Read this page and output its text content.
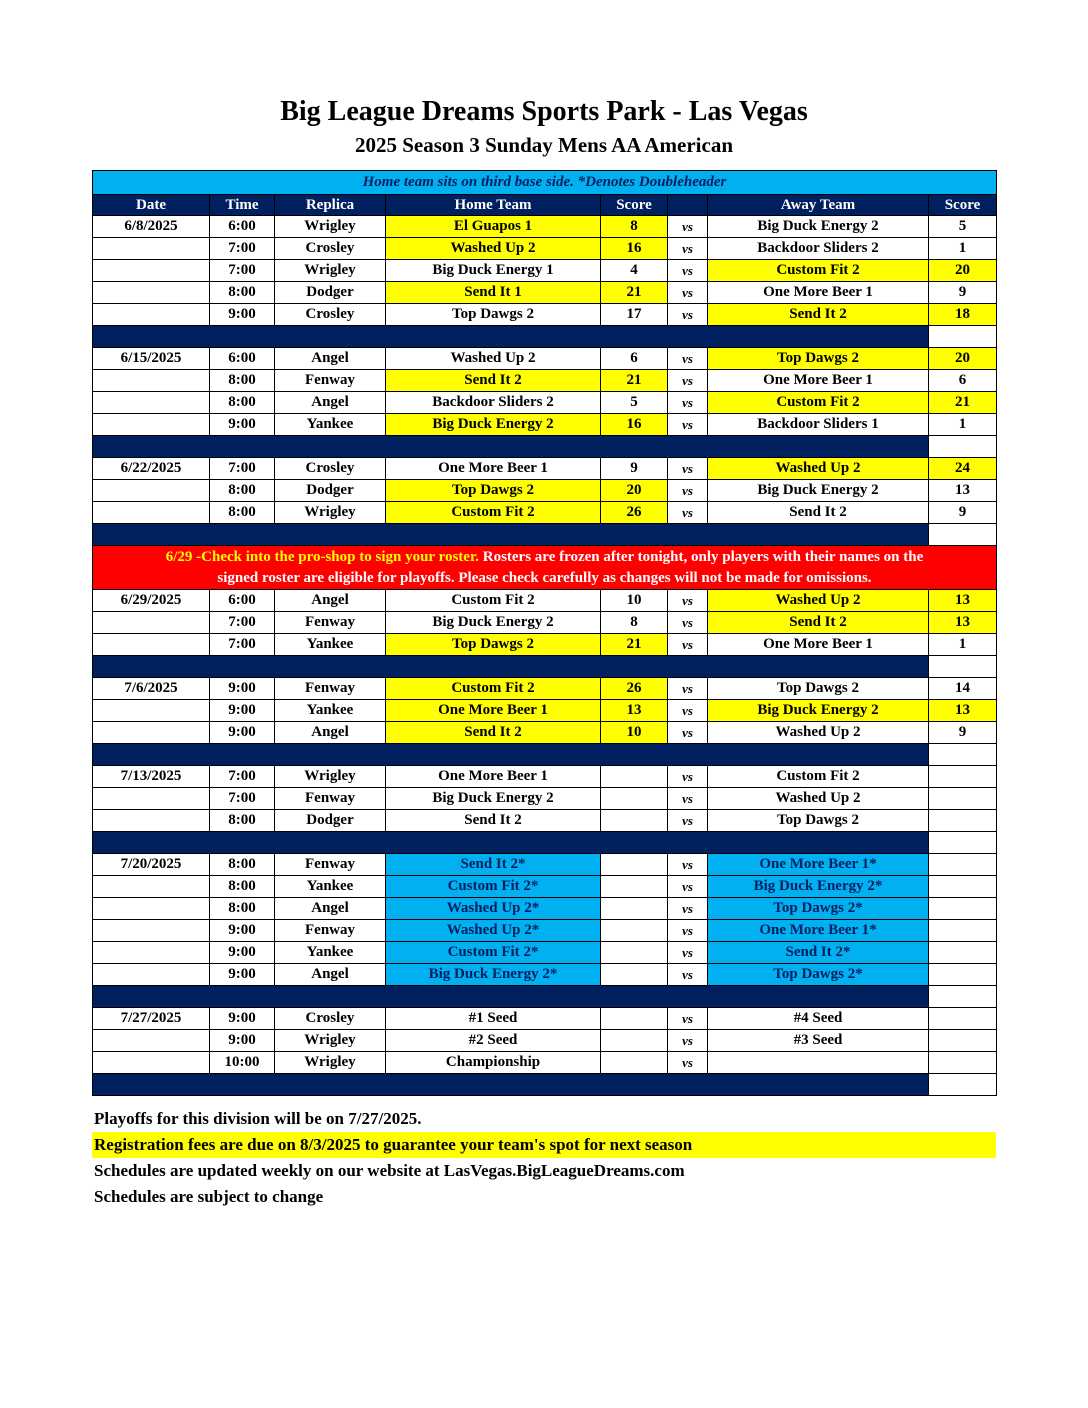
Big League Dreams Sports Park - Las Vegas
2025 Season 3 Sunday Mens AA American
Home team sits on third base side. *Denotes Doubleheader							
Date	Time	Replica	Home Team	Score		Away Team	Score
6/8/2025	6:00	Wrigley	El Guapos 1	8	vs	Big Duck Energy 2	5
	7:00	Crosley	Washed Up 2	16	vs	Backdoor Sliders 2	1
	7:00	Wrigley	Big Duck Energy 1	4	vs	Custom Fit 2	20
	8:00	Dodger	Send It 1	21	vs	One More Beer 1	9
	9:00	Crosley	Top Dawgs 2	17	vs	Send It 2	18

6/15/2025	6:00	Angel	Washed Up 2	6	vs	Top Dawgs 2	20
	8:00	Fenway	Send It 2	21	vs	One More Beer 1	6
	8:00	Angel	Backdoor Sliders 2	5	vs	Custom Fit 2	21
	9:00	Yankee	Big Duck Energy 2	16	vs	Backdoor Sliders 1	1

6/22/2025	7:00	Crosley	One More Beer 1	9	vs	Washed Up 2	24
	8:00	Dodger	Top Dawgs 2	20	vs	Big Duck Energy 2	13
	8:00	Wrigley	Custom Fit 2	26	vs	Send It 2	9

6/29 -Check into the pro-shop to sign your roster. Rosters are frozen after tonight, only players with their names on the
signed roster are eligible for playoffs. Please check carefully as changes will not be made for omissions.							
6/29/2025	6:00	Angel	Custom Fit 2	10	vs	Washed Up 2	13
	7:00	Fenway	Big Duck Energy 2	8	vs	Send It 2	13
	7:00	Yankee	Top Dawgs 2	21	vs	One More Beer 1	1

7/6/2025	9:00	Fenway	Custom Fit 2	26	vs	Top Dawgs 2	14
	9:00	Yankee	One More Beer 1	13	vs	Big Duck Energy 2	13
	9:00	Angel	Send It 2	10	vs	Washed Up 2	9

7/13/2025	7:00	Wrigley	One More Beer 1		vs	Custom Fit 2	
	7:00	Fenway	Big Duck Energy 2		vs	Washed Up 2	
	8:00	Dodger	Send It 2		vs	Top Dawgs 2	

7/20/2025	8:00	Fenway	Send It 2*		vs	One More Beer 1*	
	8:00	Yankee	Custom Fit 2*		vs	Big Duck Energy 2*	
	8:00	Angel	Washed Up 2*		vs	Top Dawgs 2*	
	9:00	Fenway	Washed Up 2*		vs	One More Beer 1*	
	9:00	Yankee	Custom Fit 2*		vs	Send It 2*	
	9:00	Angel	Big Duck Energy 2*		vs	Top Dawgs 2*	

7/27/2025	9:00	Crosley	#1 Seed		vs	#4 Seed	
	9:00	Wrigley	#2 Seed		vs	#3 Seed	
	10:00	Wrigley	Championship		vs		

Playoffs for this division will be on 7/27/2025.
Registration fees are due on 8/3/2025 to guarantee your team's spot for next season
Schedules are updated weekly on our website at LasVegas.BigLeagueDreams.com
Schedules are subject to change
